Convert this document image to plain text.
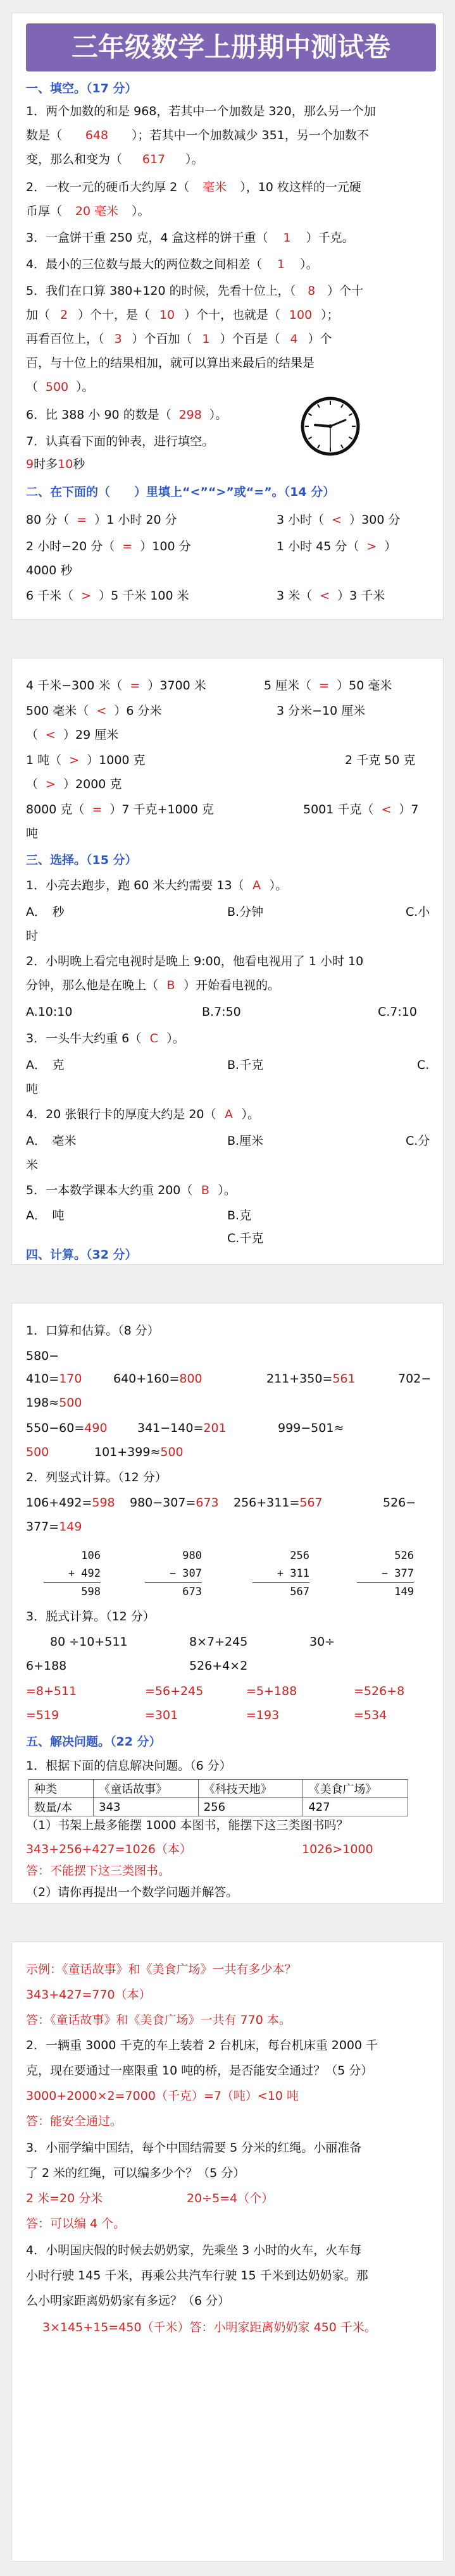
三年级数学上册期中测试卷
一、填空。（17 分）
1．两个加数的和是 968，若其中一个加数是 320，那么另一个加
数是（ 648 ）；若其中一个加数减少 351，另一个加数不
变，那么和变为（ 617 ）。
2．一枚一元的硬币大约厚 2（ 毫米 ），10 枚这样的一元硬
币厚（ 20 毫米 ）。
3．一盒饼干重 250 克，4 盒这样的饼干重（ 1 ）千克。
4．最小的三位数与最大的两位数之间相差（ 1 ）。
5．我们在口算 380+120 的时候，先看十位上，（ 8 ）个十
加（ 2 ）个十，是（ 10 ）个十，也就是（ 100 ）；
再看百位上，（ 3 ）个百加（ 1 ）个百是（ 4 ）个
百，与十位上的结果相加，就可以算出来最后的结果是
（ 500 ）。
6．比 388 小 90 的数是（ 298 ）。
7．认真看下面的钟表，进行填空。
9时多10秒
二、在下面的（　　）里填上“<”“>”或“=”。（14 分）
80 分（ = ）1 小时 20 分	3 小时（ < ）300 分
2 小时−20 分（ = ）100 分	1 小时 45 分（ > ）
4000 秒
6 千米（ > ）5 千米 100 米	3 米（ < ）3 千米
4 千米−300 米（ = ）3700 米	5 厘米（ = ）50 毫米
500 毫米（ < ）6 分米	3 分米−10 厘米
（ < ）29 厘米
1 吨（ > ）1000 克	2 千克 50 克
（ > ）2000 克
8000 克（ = ）7 千克+1000 克	5001 千克（ < ）7
吨
三、选择。（15 分）
1．小亮去跑步，跑 60 米大约需要 13（ A ）。
A．　秒	B.分钟	C.小
时
2．小明晚上看完电视时是晚上 9:00，他看电视用了 1 小时 10
分钟，那么他是在晚上（ B ）开始看电视的。
A.10:10	B.7:50	C.7:10
3．一头牛大约重 6（ C ）。
A．　克	B.千克	C.
吨
4．20 张银行卡的厚度大约是 20（ A ）。
A．　毫米	B.厘米	C.分
米
5．一本数学课本大约重 200（ B ）。
A．　吨	B.克
C.千克
四、计算。（32 分）
1．口算和估算。（8 分）
580−
410=170	640+160=800	211+350=561	702−
198≈500
550−60=490 341−140=201	999−501≈
500	101+399≈500
2．列竖式计算。（12 分）
106+492=598 980−307=673 256+311=567	526−
377=149
106
+ 492
598
980
− 307
673
256
+ 311
567
526
− 377
149
3．脱式计算。（12 分）
80 ÷10+511	8×7+245	30÷
6+188	526+4×2
=8+511	=56+245	=5+188	=526+8
=519	=301	=193	=534
五、解决问题。（22 分）
1．根据下面的信息解决问题。（6 分）
种类	《童话故事》	《科技天地》	《美食广场》
数量/本	343	256	427
（1）书架上最多能摆 1000 本图书，能摆下这三类图书吗？
343+256+427=1026（本）	1026>1000
答：不能摆下这三类图书。
（2）请你再提出一个数学问题并解答。
示例：《童话故事》和《美食广场》一共有多少本？
343+427=770（本）
答：《童话故事》和《美食广场》一共有 770 本。
2．一辆重 3000 千克的车上装着 2 台机床，每台机床重 2000 千
克，现在要通过一座限重 10 吨的桥，是否能安全通过？（5 分）
3000+2000×2=7000（千克）=7（吨）<10 吨
答：能安全通过。
3．小丽学编中国结，每个中国结需要 5 分米的红绳。小丽准备
了 2 米的红绳，可以编多少个？（5 分）
2 米=20 分米	20÷5=4（个）
答：可以编 4 个。
4．小明国庆假的时候去奶奶家，先乘坐 3 小时的火车，火车每
小时行驶 145 千米，再乘公共汽车行驶 15 千米到达奶奶家。那
么小明家距离奶奶家有多远？（6 分）
3×145+15=450（千米）答：小明家距离奶奶家 450 千米。
